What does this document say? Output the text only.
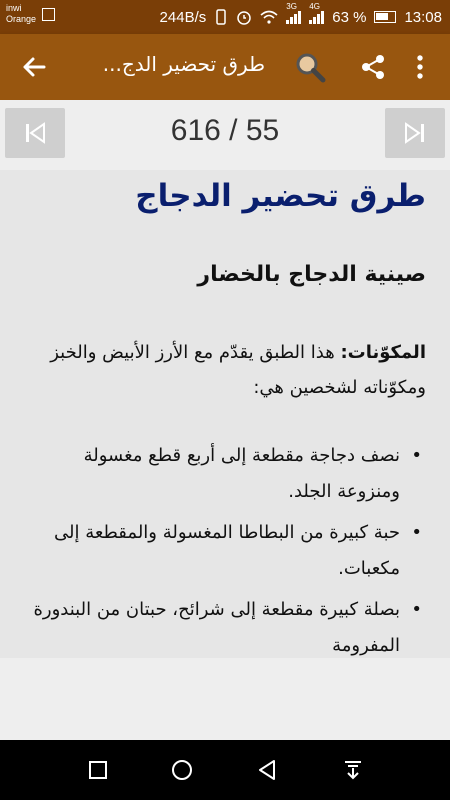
inwi
Orange	244B/s
3G 4G
63 %	13:08
طرق تحضير الدج...
616 / 55
طرق تحضير الدجاج
صينية الدجاج بالخضار

المكوّنات: هذا الطبق يقدّم مع الأرز الأبيض والخبز ومكوّناته لشخصين هي:

• نصف دجاجة مقطعة إلى أربع قطع مغسولة ومنزوعة الجلد.
• حبة كبيرة من البطاطا المغسولة والمقطعة إلى مكعبات.
• بصلة كبيرة مقطعة إلى شرائح، حبتان من البندورة المفرومة
